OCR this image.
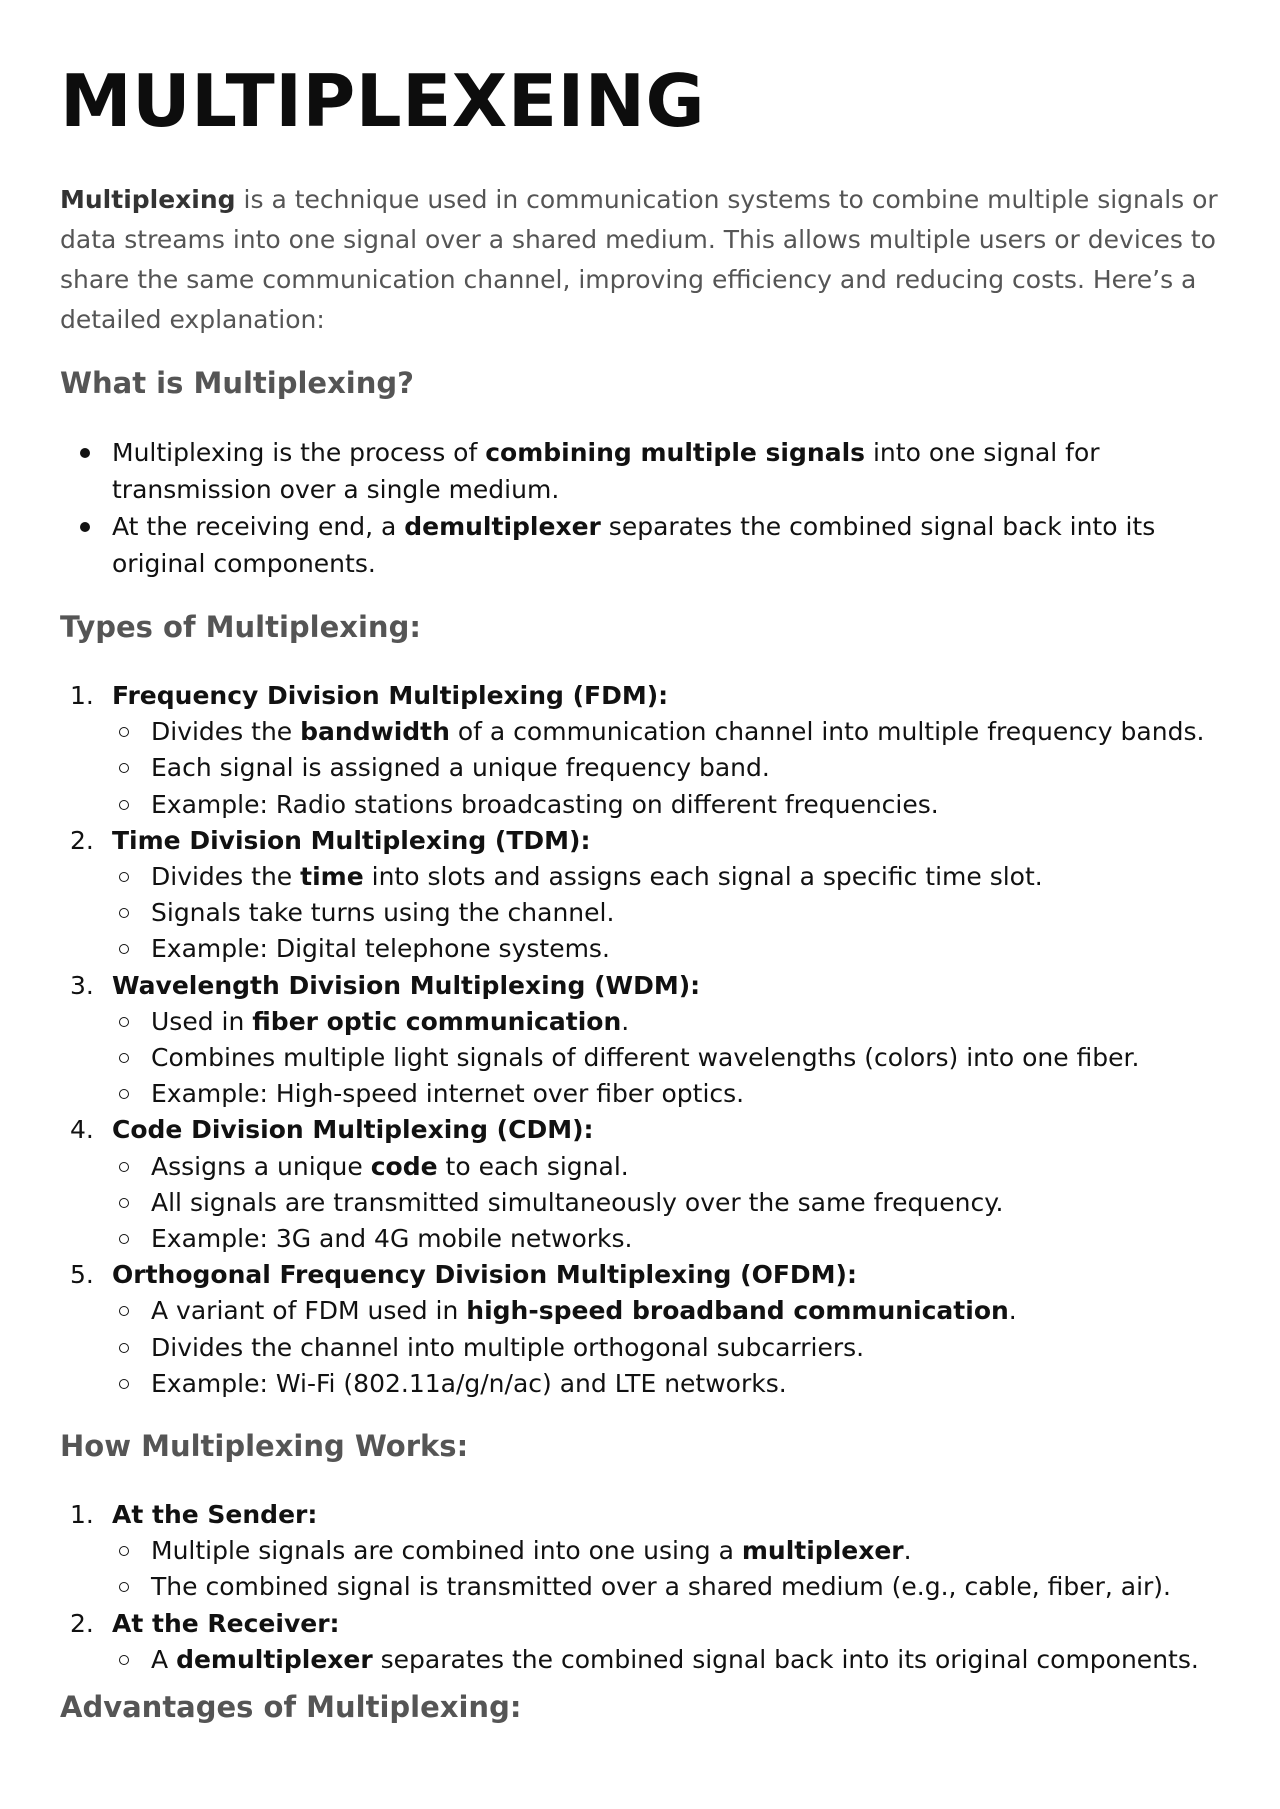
MULTIPLEXEING

Multiplexing is a technique used in communication systems to combine multiple signals or data streams into one signal over a shared medium. This allows multiple users or devices to share the same communication channel, improving efficiency and reducing costs. Here’s a detailed explanation:

What is Multiplexing?
Multiplexing is the process of combining multiple signals into one signal for transmission over a single medium.
At the receiving end, a demultiplexer separates the combined signal back into its original components.
Types of Multiplexing:
1. Frequency Division Multiplexing (FDM):
Divides the bandwidth of a communication channel into multiple frequency bands.
Each signal is assigned a unique frequency band.
Example: Radio stations broadcasting on different frequencies.
2. Time Division Multiplexing (TDM):
Divides the time into slots and assigns each signal a specific time slot.
Signals take turns using the channel.
Example: Digital telephone systems.
3. Wavelength Division Multiplexing (WDM):
Used in fiber optic communication.
Combines multiple light signals of different wavelengths (colors) into one fiber.
Example: High-speed internet over fiber optics.
4. Code Division Multiplexing (CDM):
Assigns a unique code to each signal.
All signals are transmitted simultaneously over the same frequency.
Example: 3G and 4G mobile networks.
5. Orthogonal Frequency Division Multiplexing (OFDM):
A variant of FDM used in high-speed broadband communication.
Divides the channel into multiple orthogonal subcarriers.
Example: Wi-Fi (802.11a/g/n/ac) and LTE networks.
How Multiplexing Works:
1. At the Sender:
Multiple signals are combined into one using a multiplexer.
The combined signal is transmitted over a shared medium (e.g., cable, fiber, air).
2. At the Receiver:
A demultiplexer separates the combined signal back into its original components.
Advantages of Multiplexing:
